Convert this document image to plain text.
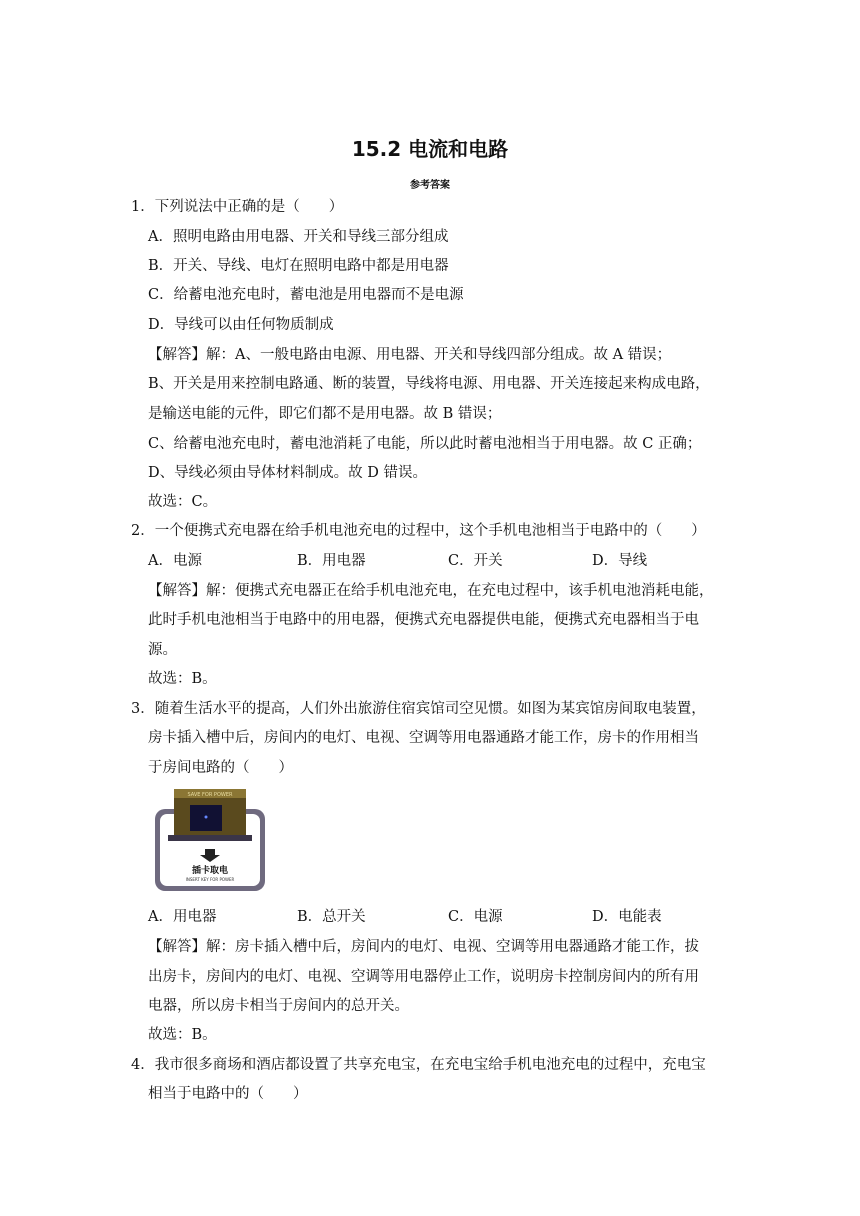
15.2 电流和电路
参考答案
1．下列说法中正确的是（　　）
A．照明电路由用电器、开关和导线三部分组成
B．开关、导线、电灯在照明电路中都是用电器
C．给蓄电池充电时，蓄电池是用电器而不是电源
D．导线可以由任何物质制成
【解答】解：A、一般电路由电源、用电器、开关和导线四部分组成。故 A 错误；
B、开关是用来控制电路通、断的装置，导线将电源、用电器、开关连接起来构成电路，
是输送电能的元件，即它们都不是用电器。故 B 错误；
C、给蓄电池充电时，蓄电池消耗了电能，所以此时蓄电池相当于用电器。故 C 正确；
D、导线必须由导体材料制成。故 D 错误。
故选：C。
2．一个便携式充电器在给手机电池充电的过程中，这个手机电池相当于电路中的（　　）
A．电源	B．用电器	C．开关	D．导线
【解答】解：便携式充电器正在给手机电池充电，在充电过程中，该手机电池消耗电能，
此时手机电池相当于电路中的用电器，便携式充电器提供电能，便携式充电器相当于电
源。
故选：B。
3．随着生活水平的提高，人们外出旅游住宿宾馆司空见惯。如图为某宾馆房间取电装置，
房卡插入槽中后，房间内的电灯、电视、空调等用电器通路才能工作，房卡的作用相当
于房间电路的（　　）
SAVE FOR POWER
插卡取电
INSERT KEY FOR POWER
A．用电器	B．总开关	C．电源	D．电能表
【解答】解：房卡插入槽中后，房间内的电灯、电视、空调等用电器通路才能工作，拔
出房卡，房间内的电灯、电视、空调等用电器停止工作，说明房卡控制房间内的所有用
电器，所以房卡相当于房间内的总开关。
故选：B。
4．我市很多商场和酒店都设置了共享充电宝，在充电宝给手机电池充电的过程中，充电宝
相当于电路中的（　　）
